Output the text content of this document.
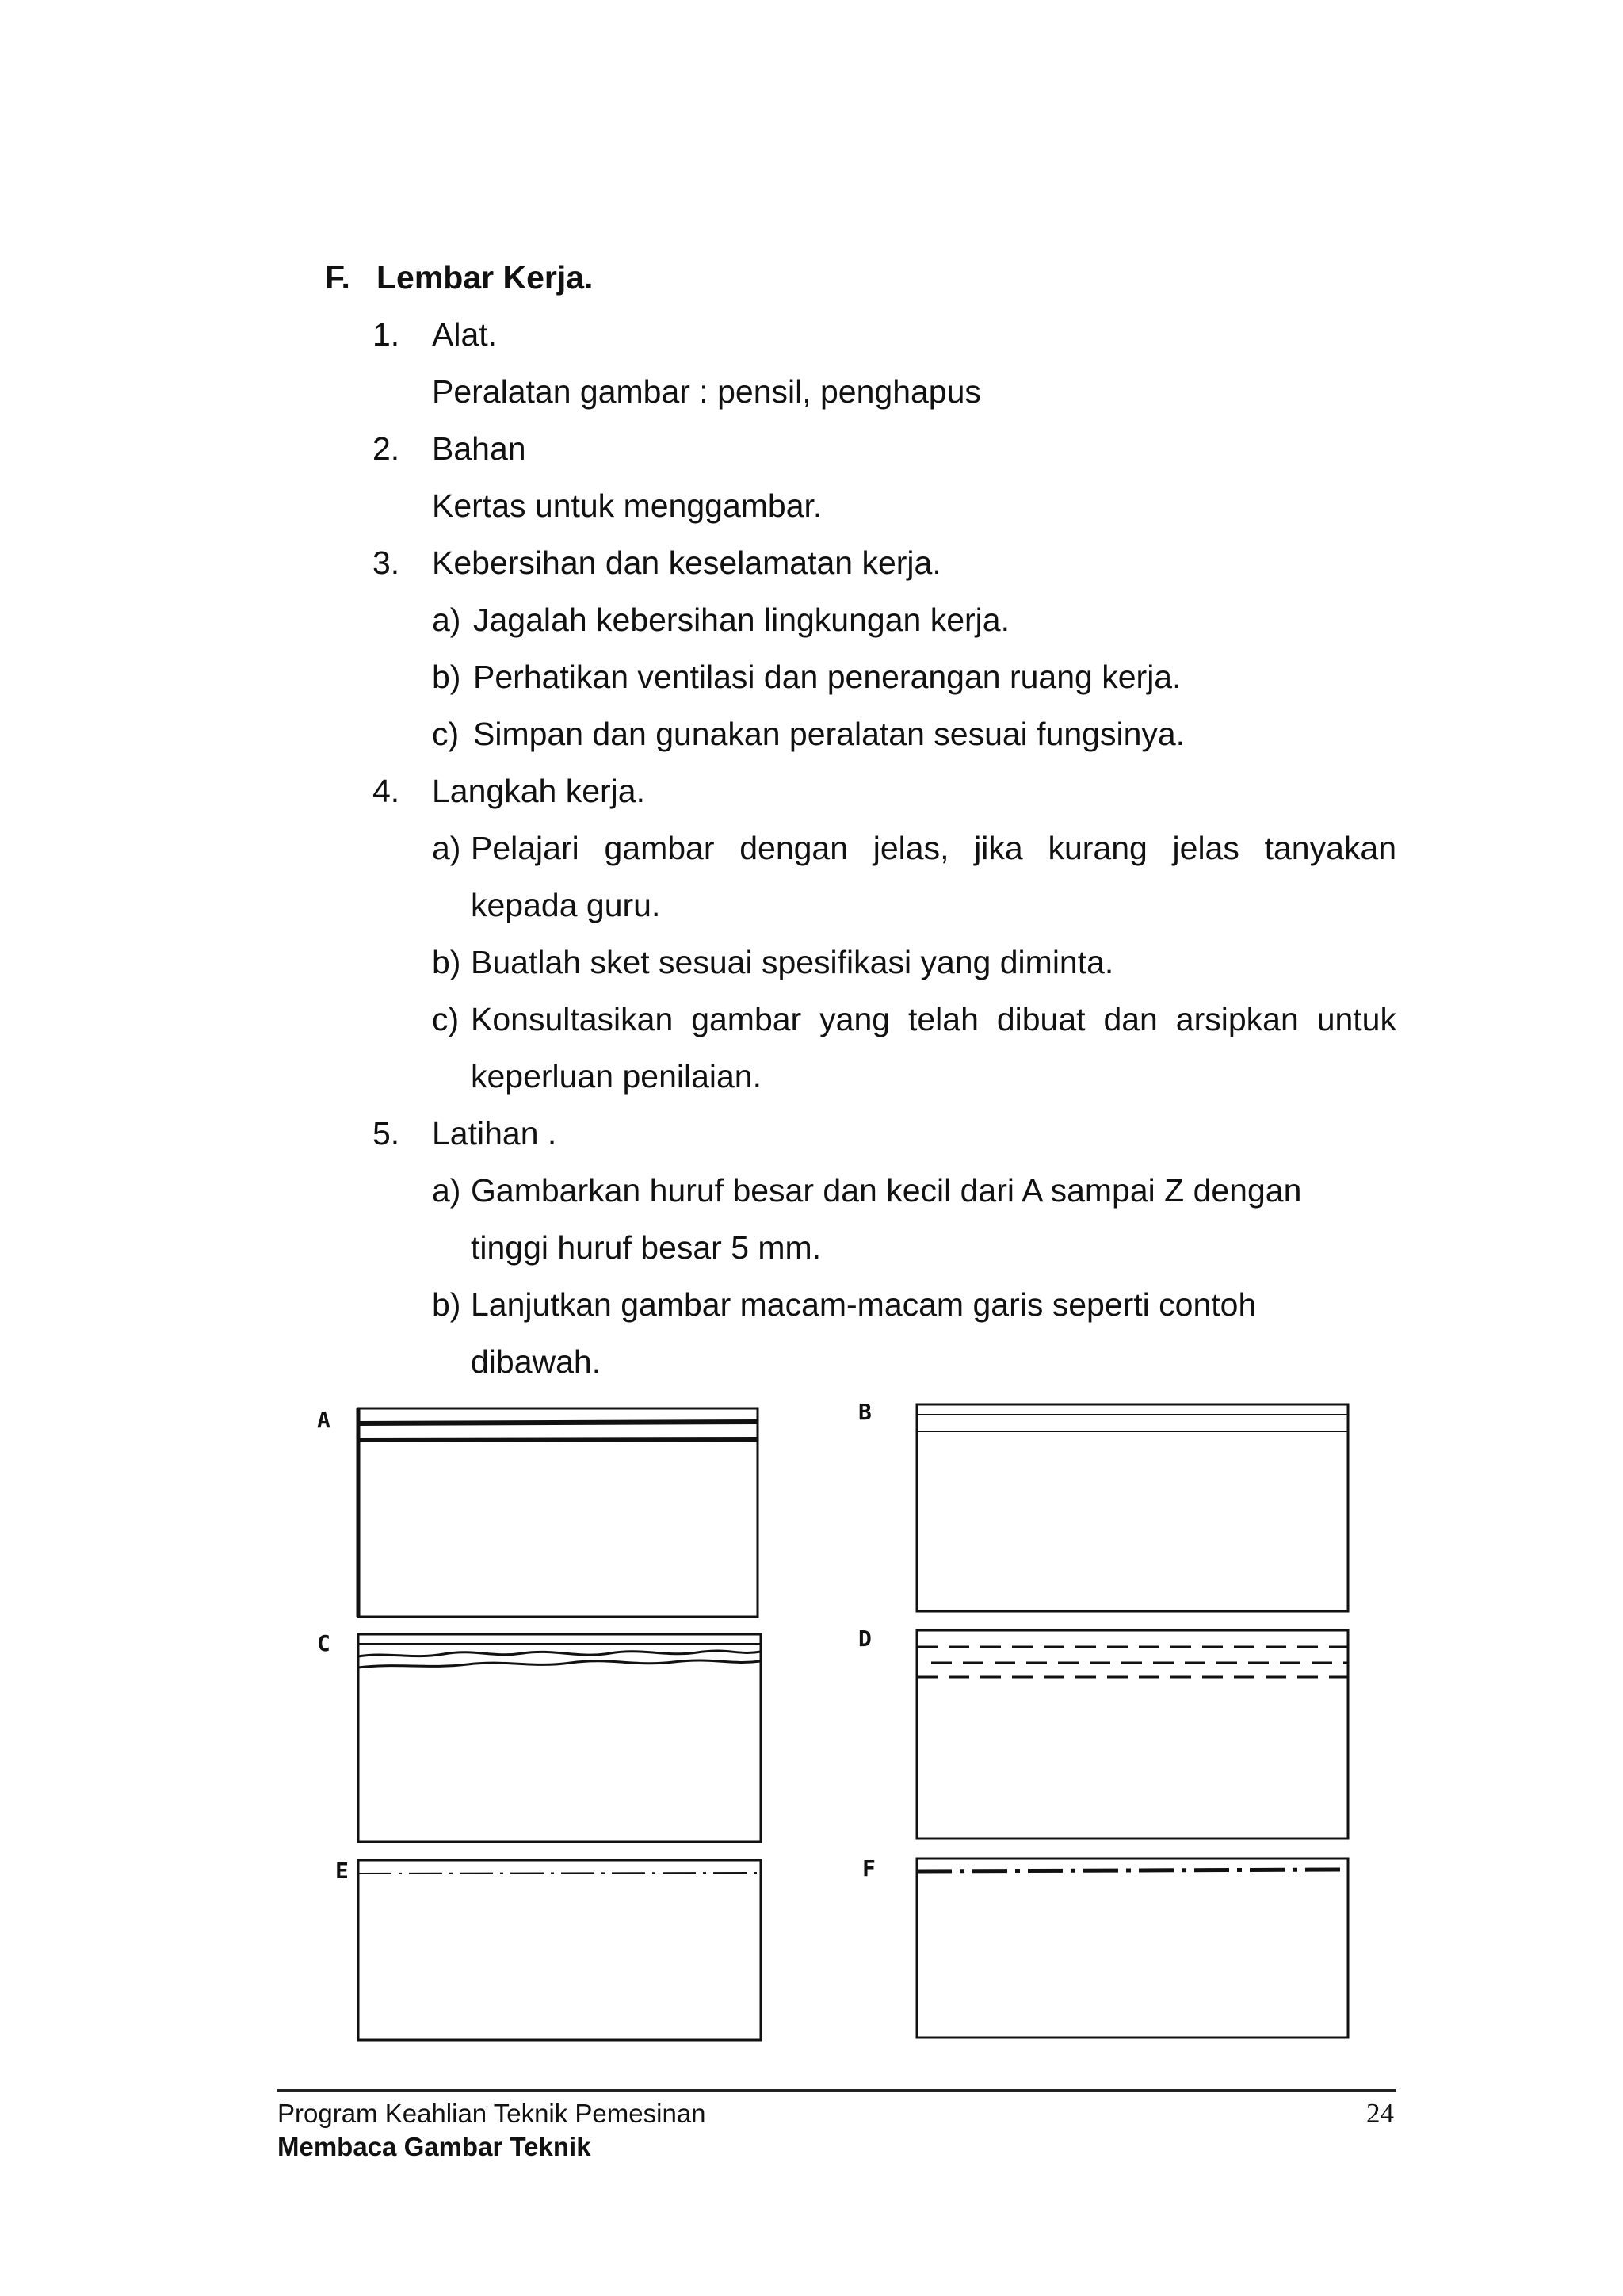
F. Lembar Kerja.
1. Alat.
Peralatan gambar : pensil, penghapus
2. Bahan
Kertas untuk menggambar.
3. Kebersihan dan keselamatan kerja.
a) Jagalah kebersihan lingkungan kerja.
b) Perhatikan ventilasi dan penerangan ruang kerja.
c) Simpan dan gunakan peralatan sesuai fungsinya.
4. Langkah kerja.
a) Pelajari gambar dengan jelas, jika kurang jelas tanyakan
kepada guru.
b) Buatlah sket sesuai spesifikasi yang diminta.
c) Konsultasikan gambar yang telah dibuat dan arsipkan untuk
keperluan penilaian.
5. Latihan .
a) Gambarkan huruf besar dan kecil dari A sampai Z dengan
tinggi huruf besar 5 mm.
b) Lanjutkan gambar macam-macam garis seperti contoh
dibawah.
A	B
C	D
E	F
Program Keahlian Teknik Pemesinan
Membaca Gambar Teknik
24
